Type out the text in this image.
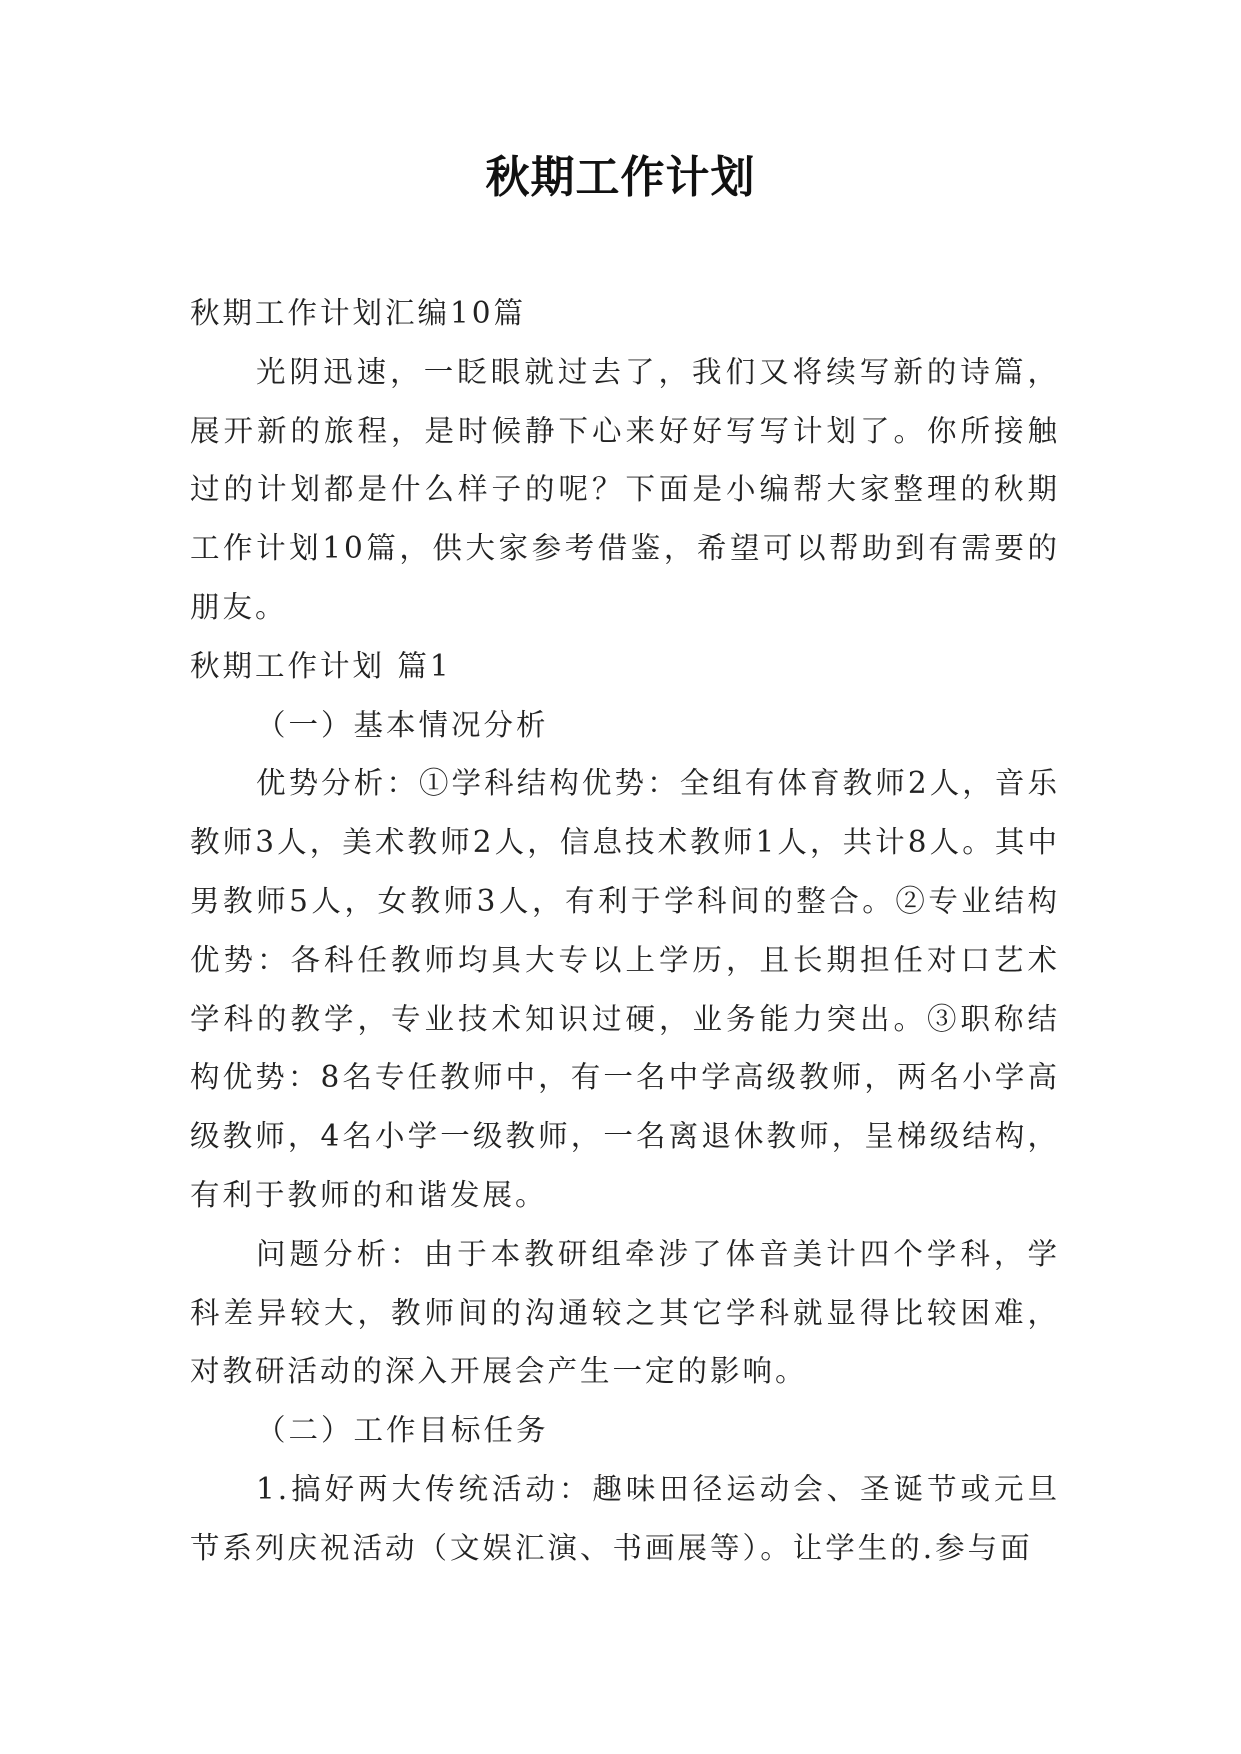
秋期工作计划

秋期工作计划汇编10篇

光阴迅速，一眨眼就过去了，我们又将续写新的诗篇，展开新的旅程，是时候静下心来好好写写计划了。你所接触过的计划都是什么样子的呢？下面是小编帮大家整理的秋期工作计划10篇，供大家参考借鉴，希望可以帮助到有需要的朋友。

秋期工作计划 篇1

（一）基本情况分析

优势分析：①学科结构优势：全组有体育教师2人，音乐教师3人，美术教师2人，信息技术教师1人，共计8人。其中男教师5人，女教师3人，有利于学科间的整合。②专业结构优势：各科任教师均具大专以上学历，且长期担任对口艺术学科的教学，专业技术知识过硬，业务能力突出。③职称结构优势：8名专任教师中，有一名中学高级教师，两名小学高级教师，4名小学一级教师，一名离退休教师，呈梯级结构，有利于教师的和谐发展。

问题分析：由于本教研组牵涉了体音美计四个学科，学科差异较大，教师间的沟通较之其它学科就显得比较困难，对教研活动的深入开展会产生一定的影响。

（二）工作目标任务

1.搞好两大传统活动：趣味田径运动会、圣诞节或元旦节系列庆祝活动（文娱汇演、书画展等）。让学生的.参与面
